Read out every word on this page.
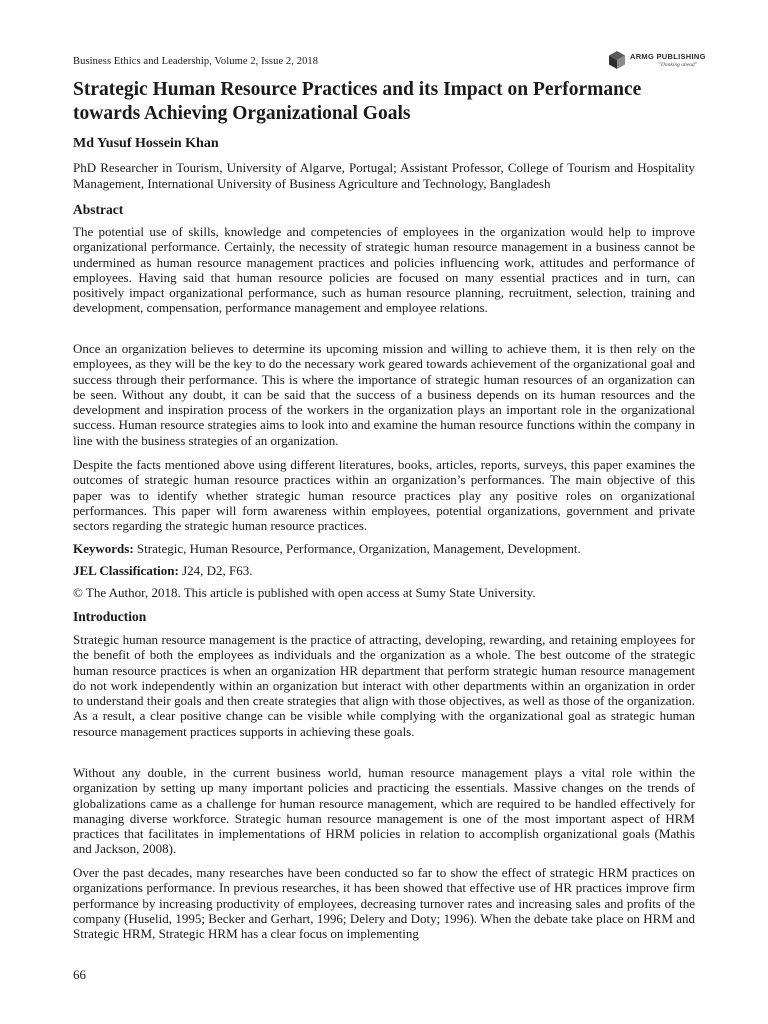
Business Ethics and Leadership, Volume 2, Issue 2, 2018	ARMG PUBLISHING
"Thinking ahead"
Strategic Human Resource Practices and its Impact on Performance towards Achieving Organizational Goals
Md Yusuf Hossein Khan
PhD Researcher in Tourism, University of Algarve, Portugal; Assistant Professor, College of Tourism and Hospitality Management, International University of Business Agriculture and Technology, Bangladesh
Abstract

The potential use of skills, knowledge and competencies of employees in the organization would help to improve organizational performance. Certainly, the necessity of strategic human resource management in a business cannot be undermined as human resource management practices and policies influencing work, attitudes and performance of employees. Having said that human resource policies are focused on many essential practices and in turn, can positively impact organizational performance, such as human resource planning, recruitment, selection, training and development, compensation, performance management and employee relations.

Once an organization believes to determine its upcoming mission and willing to achieve them, it is then rely on the employees, as they will be the key to do the necessary work geared towards achievement of the organizational goal and success through their performance. This is where the importance of strategic human resources of an organization can be seen. Without any doubt, it can be said that the success of a business depends on its human resources and the development and inspiration process of the workers in the organization plays an important role in the organizational success. Human resource strategies aims to look into and examine the human resource functions within the company in line with the business strategies of an organization.

Despite the facts mentioned above using different literatures, books, articles, reports, surveys, this paper examines the outcomes of strategic human resource practices within an organization’s performances. The main objective of this paper was to identify whether strategic human resource practices play any positive roles on organizational performances. This paper will form awareness within employees, potential organizations, government and private sectors regarding the strategic human resource practices.

Keywords: Strategic, Human Resource, Performance, Organization, Management, Development.
JEL Classification: J24, D2, F63.
© The Author, 2018. This article is published with open access at Sumy State University.
Introduction

Strategic human resource management is the practice of attracting, developing, rewarding, and retaining employees for the benefit of both the employees as individuals and the organization as a whole. The best outcome of the strategic human resource practices is when an organization HR department that perform strategic human resource management do not work independently within an organization but interact with other departments within an organization in order to understand their goals and then create strategies that align with those objectives, as well as those of the organization. As a result, a clear positive change can be visible while complying with the organizational goal as strategic human resource management practices supports in achieving these goals.

Without any double, in the current business world, human resource management plays a vital role within the organization by setting up many important policies and practicing the essentials. Massive changes on the trends of globalizations came as a challenge for human resource management, which are required to be handled effectively for managing diverse workforce. Strategic human resource management is one of the most important aspect of HRM practices that facilitates in implementations of HRM policies in relation to accomplish organizational goals (Mathis and Jackson, 2008).

Over the past decades, many researches have been conducted so far to show the effect of strategic HRM practices on organizations performance. In previous researches, it has been showed that effective use of HR practices improve firm performance by increasing productivity of employees, decreasing turnover rates and increasing sales and profits of the company (Huselid, 1995; Becker and Gerhart, 1996; Delery and Doty; 1996). When the debate take place on HRM and Strategic HRM, Strategic HRM has a clear focus on implementing

66
